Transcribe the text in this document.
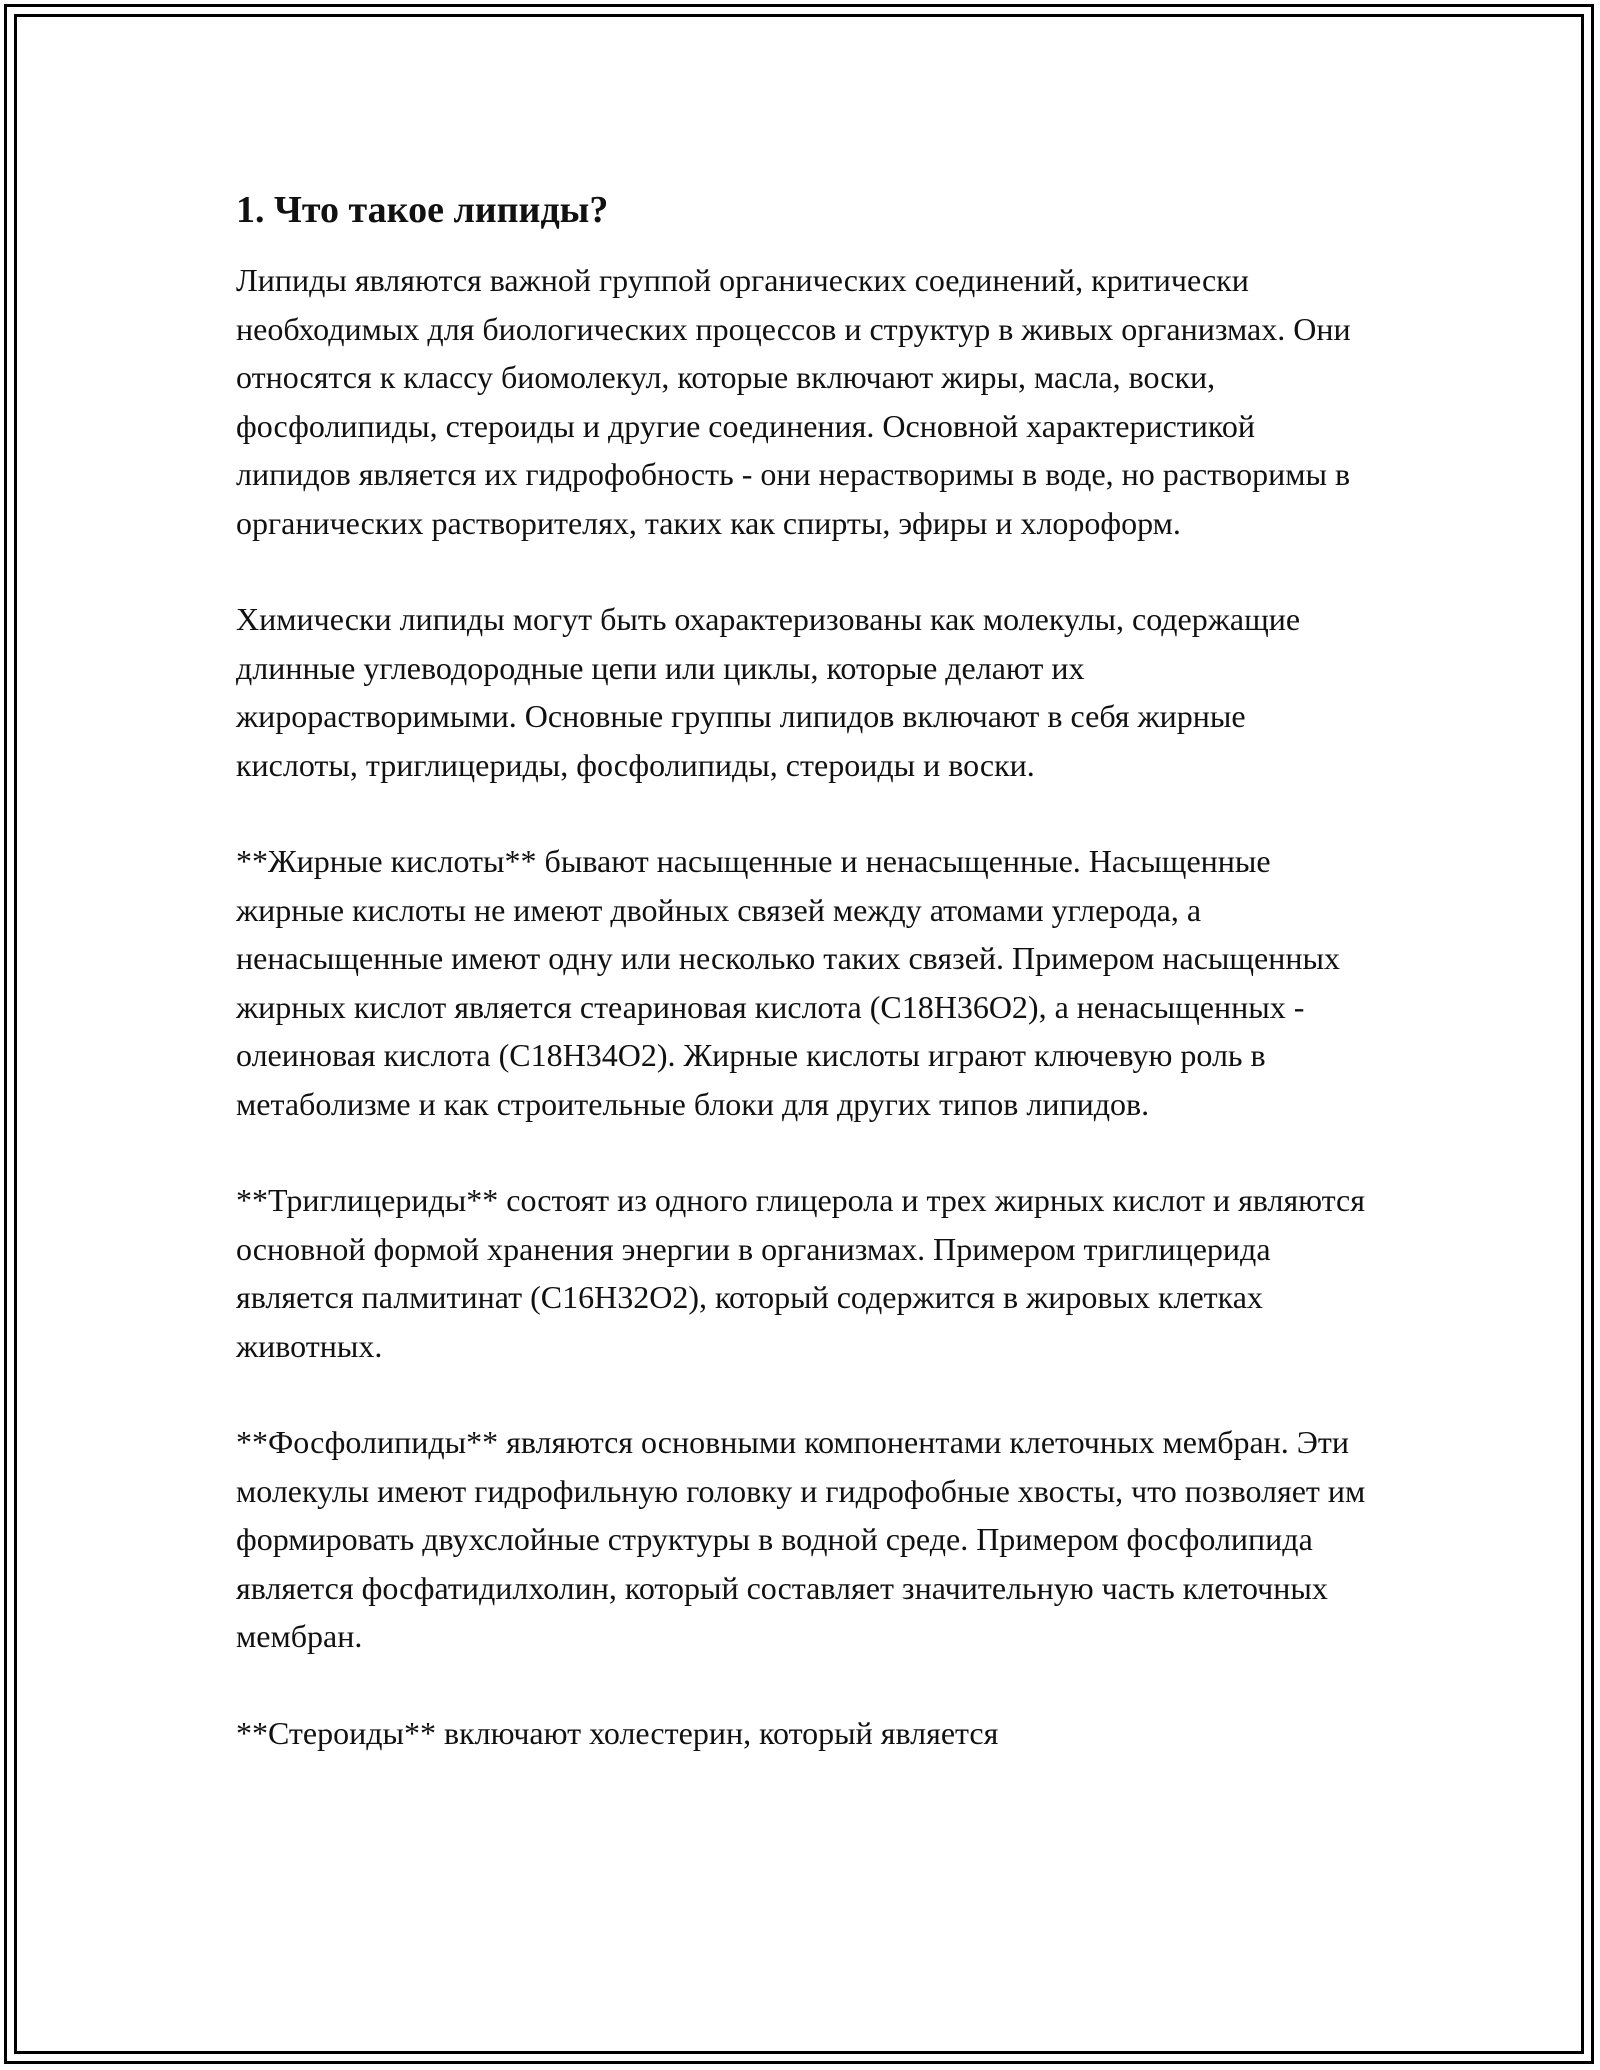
1. Что такое липиды?

Липиды являются важной группой органических соединений, критически необходимых для биологических процессов и структур в живых организмах. Они относятся к классу биомолекул, которые включают жиры, масла, воски, фосфолипиды, стероиды и другие соединения. Основной характеристикой липидов является их гидрофобность - они нерастворимы в воде, но растворимы в органических растворителях, таких как спирты, эфиры и хлороформ.

Химически липиды могут быть охарактеризованы как молекулы, содержащие длинные углеводородные цепи или циклы, которые делают их жирорастворимыми. Основные группы липидов включают в себя жирные кислоты, триглицериды, фосфолипиды, стероиды и воски.

**Жирные кислоты** бывают насыщенные и ненасыщенные. Насыщенные жирные кислоты не имеют двойных связей между атомами углерода, а ненасыщенные имеют одну или несколько таких связей. Примером насыщенных жирных кислот является стеариновая кислота (C18H36O2), а ненасыщенных - олеиновая кислота (C18H34O2). Жирные кислоты играют ключевую роль в метаболизме и как строительные блоки для других типов липидов.

**Триглицериды** состоят из одного глицерола и трех жирных кислот и являются основной формой хранения энергии в организмах. Примером триглицерида является палмитинат (C16H32O2), который содержится в жировых клетках животных.

**Фосфолипиды** являются основными компонентами клеточных мембран. Эти молекулы имеют гидрофильную головку и гидрофобные хвосты, что позволяет им формировать двухслойные структуры в водной среде. Примером фосфолипида является фосфатидилхолин, который составляет значительную часть клеточных мембран.

**Стероиды** включают холестерин, который является
